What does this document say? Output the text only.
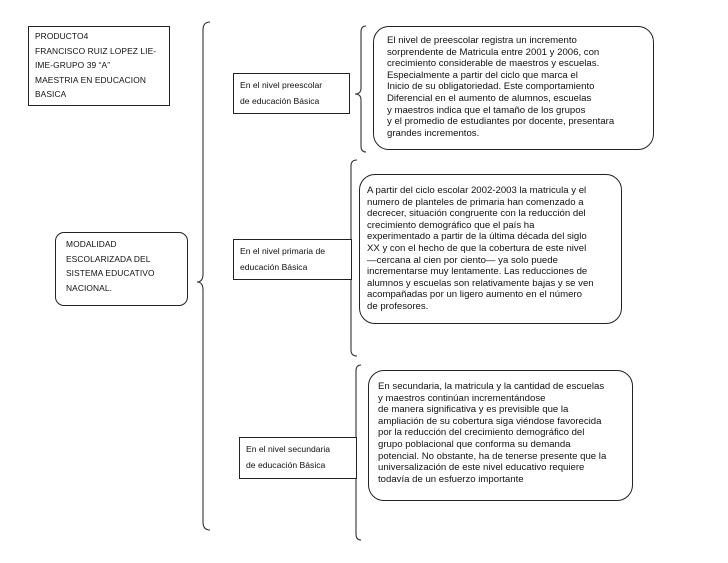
PRODUCTO4
FRANCISCO RUIZ LOPEZ LIE-
IME-GRUPO 39 “A”
MAESTRIA EN EDUCACION
BASICA
MODALIDAD
ESCOLARIZADA DEL
SISTEMA EDUCATIVO
NACIONAL.
En el nivel preescolar
de educación Básica
En el nivel primaria de
educación Básica
En el nivel secundaria
de educación Básica
El nivel de preescolar registra un incremento
sorprendente de Matricula entre 2001 y 2006, con
crecimiento considerable de maestros y escuelas.
Especialmente a partir del ciclo que marca el
Inicio de su obligatoriedad. Este comportamiento
Diferencial en el aumento de alumnos, escuelas
y maestros indica que el tamaño de los grupos
y el promedio de estudiantes por docente, presentara
grandes incrementos.
A partir del ciclo escolar 2002-2003 la matricula y el
numero de planteles de primaria han comenzado a
decrecer, situación congruente con la reducción del
crecimiento demográfico que el país ha
experimentado a partir de la última década del siglo
XX y con el hecho de que la cobertura de este nivel
—cercana al cien por ciento— ya solo puede
incrementarse muy lentamente. Las reducciones de
alumnos y escuelas son relativamente bajas y se ven
acompañadas por un ligero aumento en el número
de profesores.
En secundaria, la matricula y la cantidad de escuelas
y maestros continúan incrementándose
de manera significativa y es previsible que la
ampliación de su cobertura siga viéndose favorecida
por la reducción del crecimiento demográfico del
grupo poblacional que conforma su demanda
potencial. No obstante, ha de tenerse presente que la
universalización de este nivel educativo requiere
todavía de un esfuerzo importante
